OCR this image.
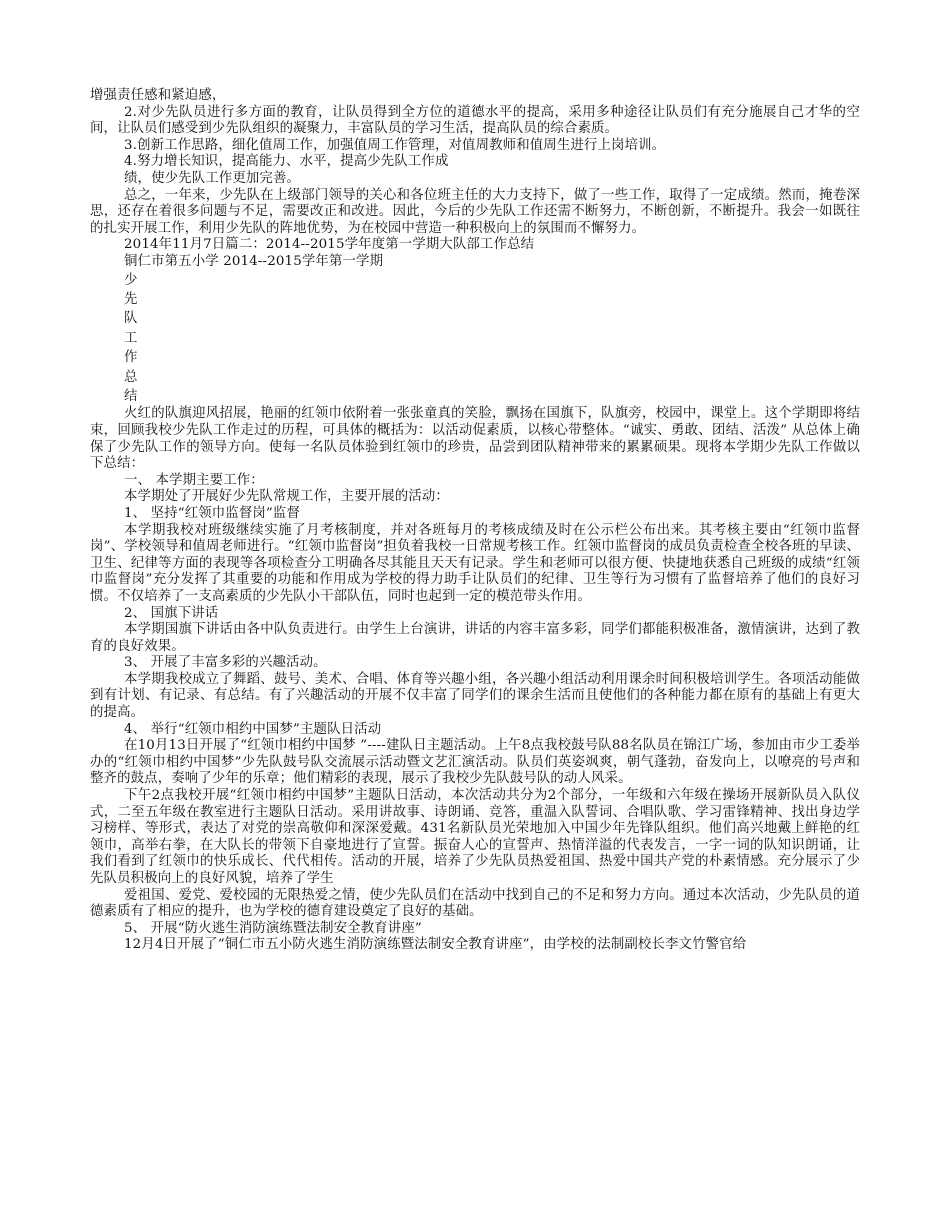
增强责任感和紧迫感，

2.对少先队员进行多方面的教育，让队员得到全方位的道德水平的提高，采用多种途径让队员们有充分施展自己才华的空间，让队员们感受到少先队组织的凝聚力，丰富队员的学习生活，提高队员的综合素质。

3.创新工作思路，细化值周工作，加强值周工作管理，对值周教师和值周生进行上岗培训。

4.努力增长知识，提高能力、水平，提高少先队工作成

绩，使少先队工作更加完善。

总之，一年来，少先队在上级部门领导的关心和各位班主任的大力支持下，做了一些工作，取得了一定成绩。然而，掩卷深思，还存在着很多问题与不足，需要改正和改进。因此，今后的少先队工作还需不断努力，不断创新，不断提升。我会一如既往的扎实开展工作，利用少先队的阵地优势，为在校园中营造一种积极向上的氛围而不懈努力。

2014年11月7日篇二：2014--2015学年度第一学期大队部工作总结

铜仁市第五小学 2014--2015学年第一学期

少先队工作总结

火红的队旗迎风招展，艳丽的红领巾依附着一张张童真的笑脸，飘扬在国旗下，队旗旁，校园中，课堂上。这个学期即将结束，回顾我校少先队工作走过的历程，可具体的概括为：以活动促素质，以核心带整体。“诚实、勇敢、团结、活泼” 从总体上确保了少先队工作的领导方向。使每一名队员体验到红领巾的珍贵，品尝到团队精神带来的累累硕果。现将本学期少先队工作做以下总结：

一、 本学期主要工作：

本学期处了开展好少先队常规工作，主要开展的活动：

1、 坚持“红领巾监督岗”监督

本学期我校对班级继续实施了月考核制度，并对各班每月的考核成绩及时在公示栏公布出来。其考核主要由“红领巾监督岗”、学校领导和值周老师进行。“红领巾监督岗”担负着我校一日常规考核工作。红领巾监督岗的成员负责检查全校各班的早读、卫生、纪律等方面的表现等各项检查分工明确各尽其能且天天有记录。学生和老师可以很方便、快捷地获悉自己班级的成绩“红领巾监督岗”充分发挥了其重要的功能和作用成为学校的得力助手让队员们的纪律、卫生等行为习惯有了监督培养了他们的良好习惯。不仅培养了一支高素质的少先队小干部队伍，同时也起到一定的模范带头作用。

2、 国旗下讲话

本学期国旗下讲话由各中队负责进行。由学生上台演讲，讲话的内容丰富多彩，同学们都能积极准备，激情演讲，达到了教育的良好效果。

3、 开展了丰富多彩的兴趣活动。

本学期我校成立了舞蹈、鼓号、美术、合唱、体育等兴趣小组，各兴趣小组活动利用课余时间积极培训学生。各项活动能做到有计划、有记录、有总结。有了兴趣活动的开展不仅丰富了同学们的课余生活而且使他们的各种能力都在原有的基础上有更大的提高。

4、 举行“红领巾相约中国梦”主题队日活动

在10月13日开展了“红领巾相约中国梦 ”----建队日主题活动。上午8点我校鼓号队88名队员在锦江广场，参加由市少工委举办的“红领巾相约中国梦”少先队鼓号队交流展示活动暨文艺汇演活动。队员们英姿飒爽，朝气蓬勃，奋发向上，以嘹亮的号声和整齐的鼓点，奏响了少年的乐章；他们精彩的表现，展示了我校少先队鼓号队的动人风采。

下午2点我校开展“红领巾相约中国梦”主题队日活动，本次活动共分为2个部分，一年级和六年级在操场开展新队员入队仪式，二至五年级在教室进行主题队日活动。采用讲故事、诗朗诵、竞答，重温入队誓词、合唱队歌、学习雷锋精神、找出身边学习榜样、等形式，表达了对党的崇高敬仰和深深爱戴。431名新队员光荣地加入中国少年先锋队组织。他们高兴地戴上鲜艳的红领巾，高举右拳，在大队长的带领下自豪地进行了宣誓。振奋人心的宣誓声、热情洋溢的代表发言，一字一词的队知识朗诵，让我们看到了红领巾的快乐成长、代代相传。活动的开展，培养了少先队员热爱祖国、热爱中国共产党的朴素情感。充分展示了少先队员积极向上的良好风貌，培养了学生

爱祖国、爱党、爱校园的无限热爱之情，使少先队员们在活动中找到自己的不足和努力方向。通过本次活动，少先队员的道德素质有了相应的提升，也为学校的德育建设奠定了良好的基础。

5、 开展“防火逃生消防演练暨法制安全教育讲座”

12月4日开展了“铜仁市五小防火逃生消防演练暨法制安全教育讲座”，由学校的法制副校长李文竹警官给
